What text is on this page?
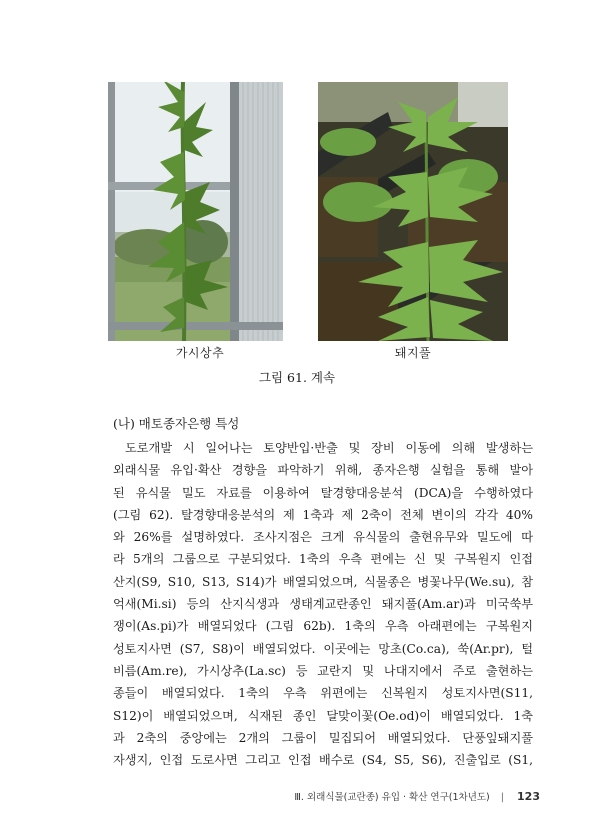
가시상추	돼지풀
그림 61. 계속
(나) 매토종자은행 특성
도로개발 시 일어나는 토양반입·반출 및 장비 이동에 의해 발생하는
외래식물 유입·확산 경향을 파악하기 위해, 종자은행 실험을 통해 발아
된 유식물 밀도 자료를 이용하여 탈경향대응분석 (DCA)을 수행하였다
(그림 62). 탈경향대응분석의 제 1축과 제 2축이 전체 변이의 각각 40%
와 26%를 설명하였다. 조사지점은 크게 유식물의 출현유무와 밀도에 따
라 5개의 그룹으로 구분되었다. 1축의 우측 편에는 신 및 구복원지 인접
산지(S9, S10, S13, S14)가 배열되었으며, 식물종은 병꽃나무(We.su), 참
억새(Mi.si) 등의 산지식생과 생태계교란종인 돼지풀(Am.ar)과 미국쑥부
쟁이(As.pi)가 배열되었다 (그림 62b). 1축의 우측 아래편에는 구복원지
성토지사면 (S7, S8)이 배열되었다. 이곳에는 망초(Co.ca), 쑥(Ar.pr), 털
비름(Am.re), 가시상추(La.sc) 등 교란지 및 나대지에서 주로 출현하는
종들이 배열되었다. 1축의 우측 위편에는 신복원지 성토지사면(S11,
S12)이 배열되었으며, 식재된 종인 달맞이꽃(Oe.od)이 배열되었다. 1축
과 2축의 중앙에는 2개의 그룹이 밀집되어 배열되었다. 단풍잎돼지풀
자생지, 인접 도로사면 그리고 인접 배수로 (S4, S5, S6), 진출입로 (S1,
Ⅲ. 외래식물(교란종) 유입 · 확산 연구(1차년도) | 123
